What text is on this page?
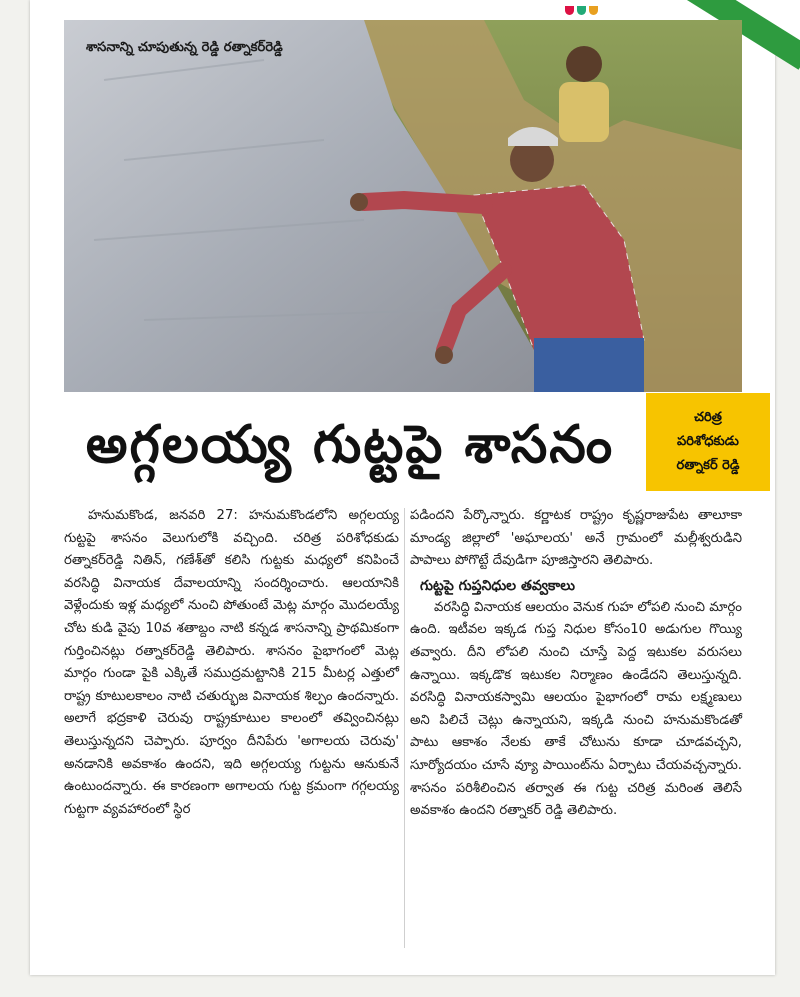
శాసనాన్ని చూపుతున్న రెడ్డి రత్నాకర్‌రెడ్డి
అగ్గలయ్య గుట్టపై శాసనం	చరిత్ర
పరిశోధకుడు
రత్నాకర్ రెడ్డి

హనుమకొండ, జనవరి 27: హనుమకొండలోని అగ్గలయ్య గుట్టపై శాసనం వెలుగులోకి వచ్చింది. చరిత్ర పరిశోధకుడు రత్నాకర్‌రెడ్డి నితిన్, గణేశ్‌తో కలిసి గుట్టకు మధ్యలో కనిపించే వరసిద్ధి వినాయక దేవాలయాన్ని సందర్శించారు. ఆలయానికి వెళ్లేందుకు ఇళ్ల మధ్యలో నుంచి పోతుంటే మెట్ల మార్గం మొదలయ్యే చోట కుడి వైపు 10వ శతాబ్దం నాటి కన్నడ శాసనాన్ని ప్రాథమికంగా గుర్తించినట్లు రత్నాకర్‌రెడ్డి తెలిపారు. శాసనం పైభాగంలో మెట్ల మార్గం గుండా పైకి ఎక్కితే సముద్రమట్టానికి 215 మీటర్ల ఎత్తులో రాష్ట్ర కూటులకాలం నాటి చతుర్భుజ వినాయక శిల్పం ఉందన్నారు. అలాగే భద్రకాళి చెరువు రాష్ట్రకూటుల కాలంలో తవ్వించినట్లు తెలుస్తున్నదని చెప్పారు. పూర్వం దీనిపేరు 'అగాలయ చెరువు' అనడానికి అవకాశం ఉందని, ఇది అగ్గలయ్య గుట్టను ఆనుకునే ఉంటుందన్నారు. ఈ కారణంగా అగాలయ గుట్ట క్రమంగా గగ్గలయ్య గుట్టగా వ్యవహారంలో స్థిర

పడిందని పేర్కొన్నారు. కర్ణాటక రాష్ట్రం కృష్ణరాజుపేట తాలూకా మాండ్య జిల్లాలో 'అఘాలయ' అనే గ్రామంలో మల్లీశ్వరుడిని పాపాలు పోగొట్టే దేవుడిగా పూజిస్తారని తెలిపారు.

గుట్టపై గుప్తనిధుల తవ్వకాలు

వరసిద్ధి వినాయక ఆలయం వెనుక గుహ లోపలి నుంచి మార్గం ఉంది. ఇటీవల ఇక్కడ గుప్త నిధుల కోసం10 అడుగుల గొయ్యి తవ్వారు. దీని లోపలి నుంచి చూస్తే పెద్ద ఇటుకల వరుసలు ఉన్నాయి. ఇక్కడొక ఇటుకల నిర్మాణం ఉండేదని తెలుస్తున్నది. వరసిద్ధి వినాయకస్వామి ఆలయం పైభాగంలో రామ లక్ష్మణులు అని పిలిచే చెట్లు ఉన్నాయని, ఇక్కడి నుంచి హనుమకొండతో పాటు ఆకాశం నేలకు తాకే చోటును కూడా చూడవచ్చని, సూర్యోదయం చూసే వ్యూ పాయింట్‌ను ఏర్పాటు చేయవచ్చన్నారు. శాసనం పరిశీలించిన తర్వాత ఈ గుట్ట చరిత్ర మరింత తెలిసే అవకాశం ఉందని రత్నాకర్ రెడ్డి తెలిపారు.
